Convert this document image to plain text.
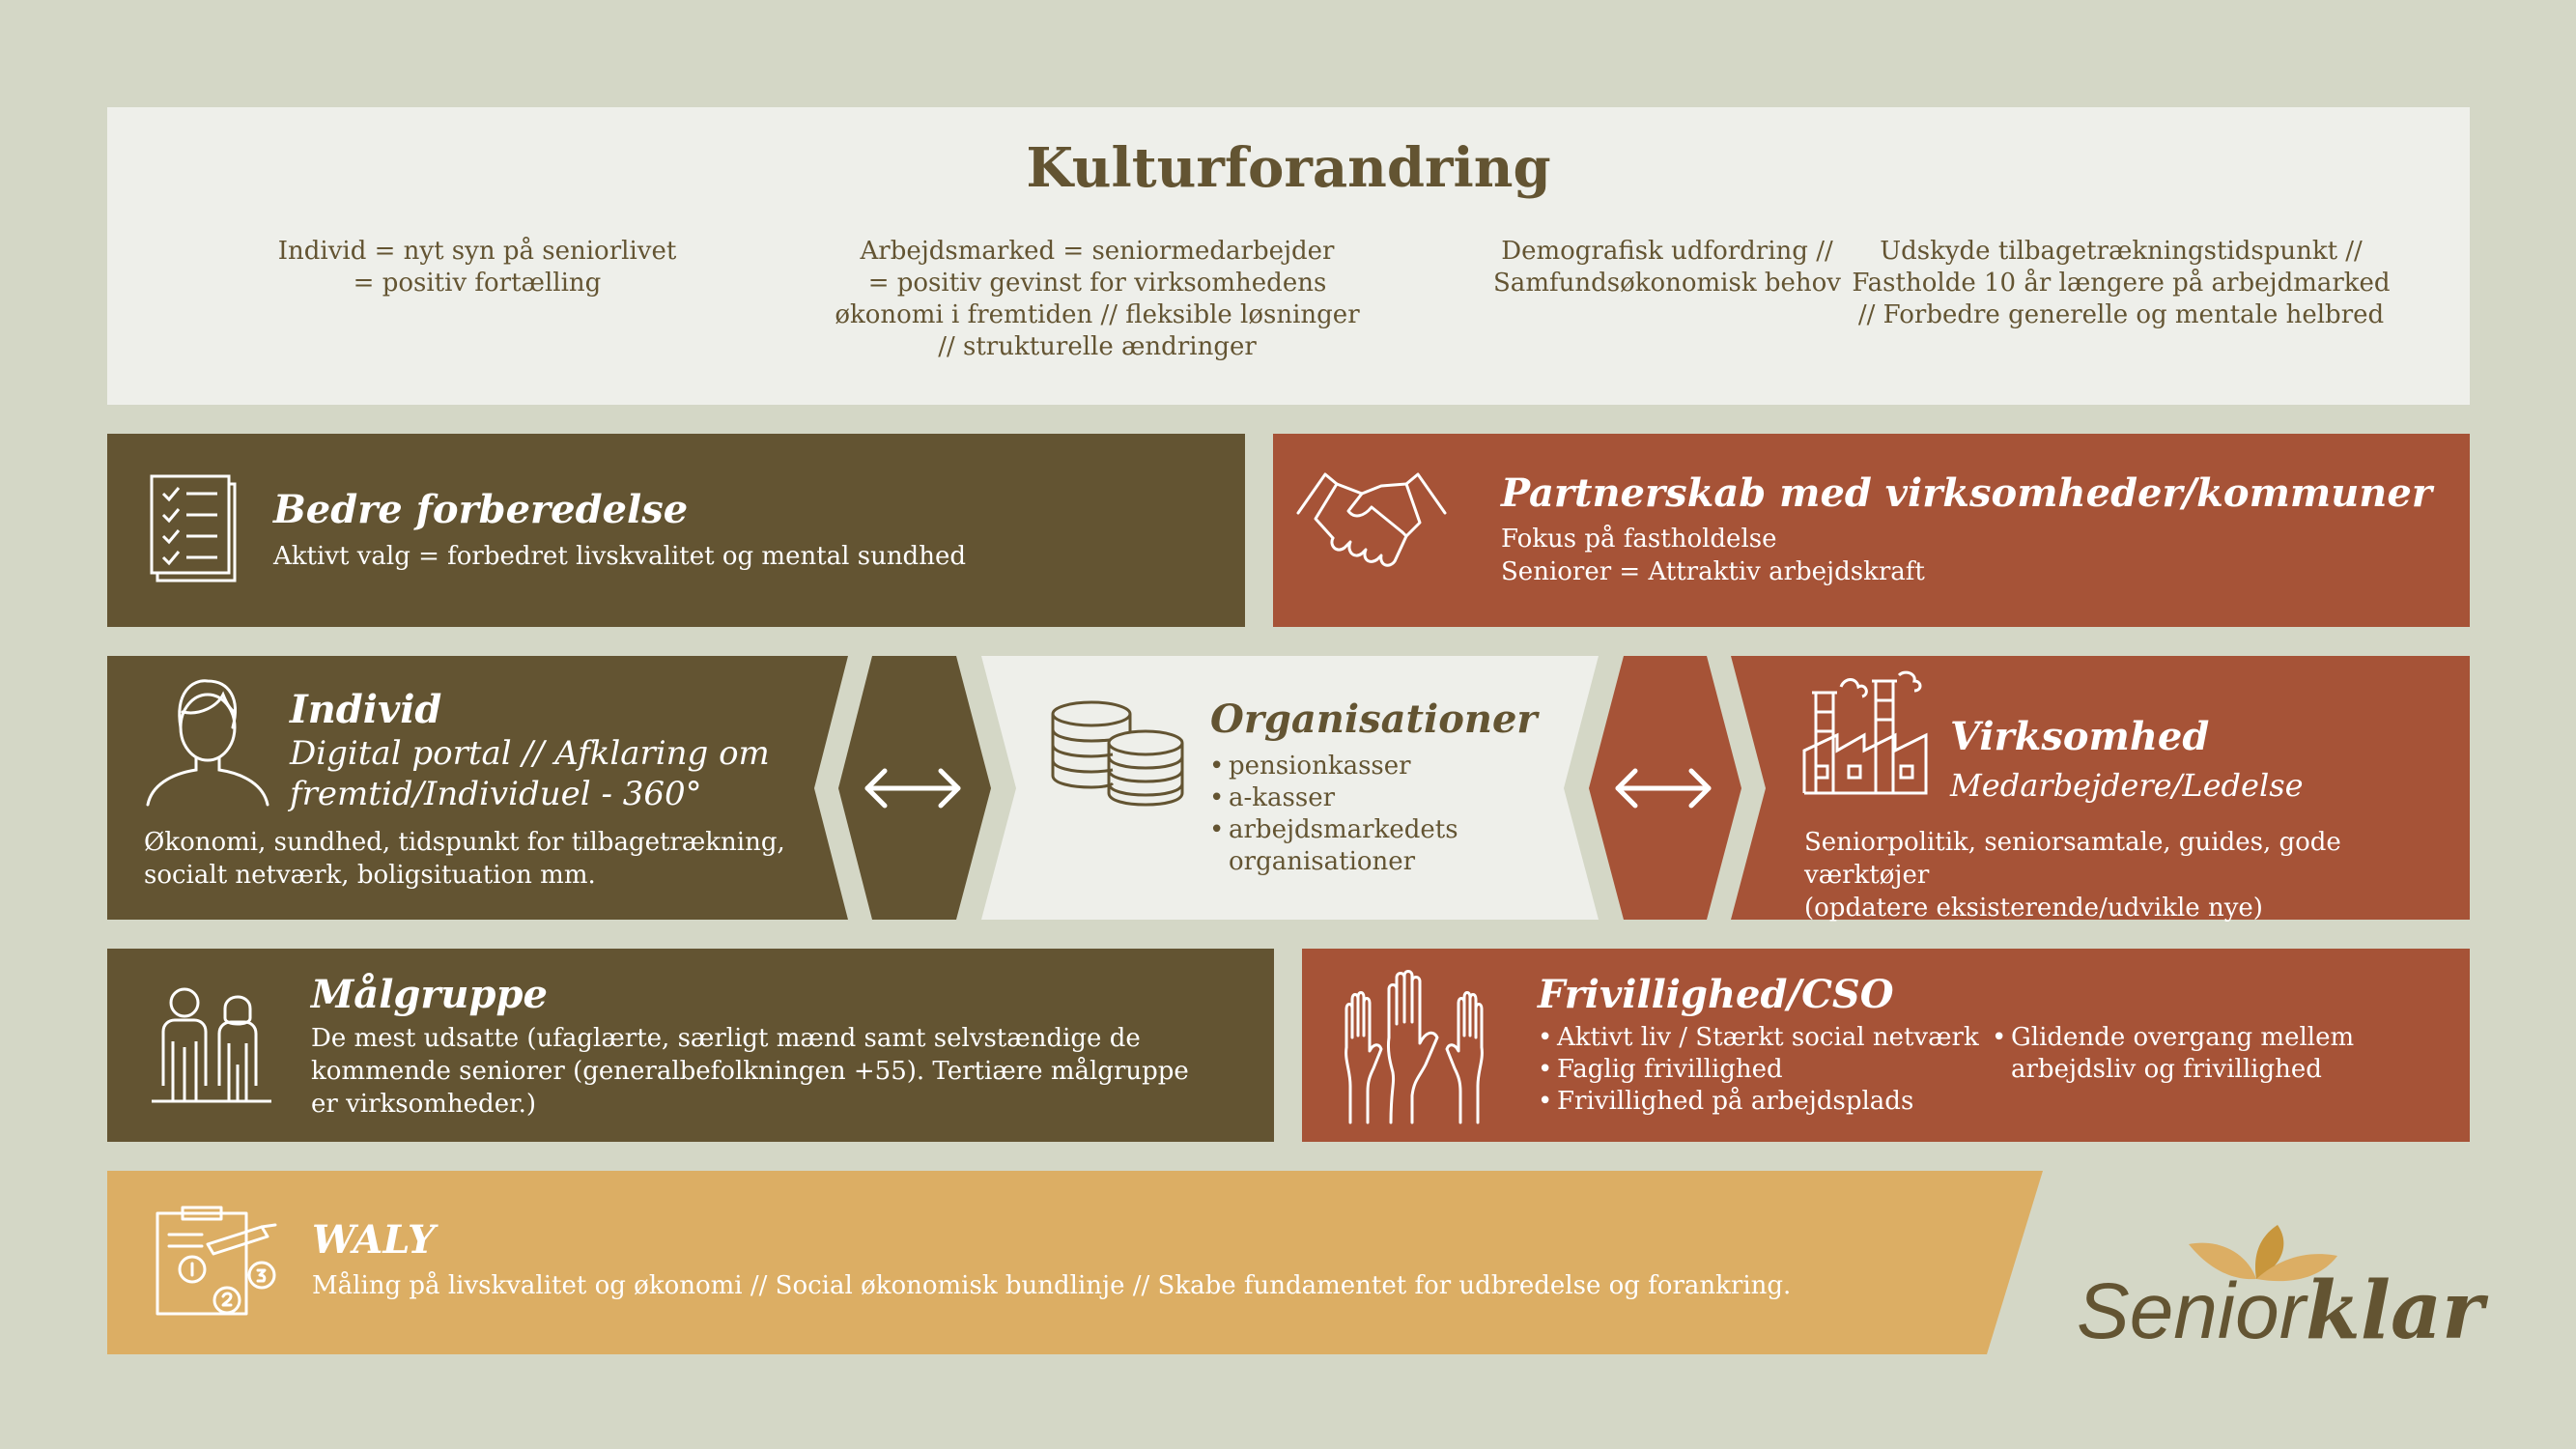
Kulturforandring
Individ = nyt syn på seniorlivet
= positiv fortælling
Arbejdsmarked = seniormedarbejder
= positiv gevinst for virksomhedens
økonomi i fremtiden // fleksible løsninger
// strukturelle ændringer
Demografisk udfordring //
Samfundsøkonomisk behov
Udskyde tilbagetrækningstidspunkt //
Fastholde 10 år længere på arbejdmarked
// Forbedre generelle og mentale helbred
Bedre forberedelse
Aktivt valg = forbedret livskvalitet og mental sundhed
Partnerskab med virksomheder/kommuner
Fokus på fastholdelse
Seniorer = Attraktiv arbejdskraft
Individ
Digital portal // Afklaring om
fremtid/Individuel - 360°
Økonomi, sundhed, tidspunkt for tilbagetrækning,
socialt netværk, boligsituation mm.
Organisationer
• pensionkasser
• a-kasser
• arbejdsmarkedets
organisationer
Virksomhed
Medarbejdere/Ledelse
Seniorpolitik, seniorsamtale, guides, gode værktøjer
(opdatere eksisterende/udvikle nye)
Målgruppe
De mest udsatte (ufaglærte, særligt mænd samt selvstændige de
kommende seniorer (generalbefolkningen +55). Tertiære målgruppe
er virksomheder.)
Frivillighed/CSO
• Aktivt liv / Stærkt social netværk
• Faglig frivillighed
• Frivillighed på arbejdsplads
• Glidende overgang mellem
arbejdsliv og frivillighed
WALY
Måling på livskvalitet og økonomi // Social økonomisk bundlinje // Skabe fundamentet for udbredelse og forankring.	Seniorklar
